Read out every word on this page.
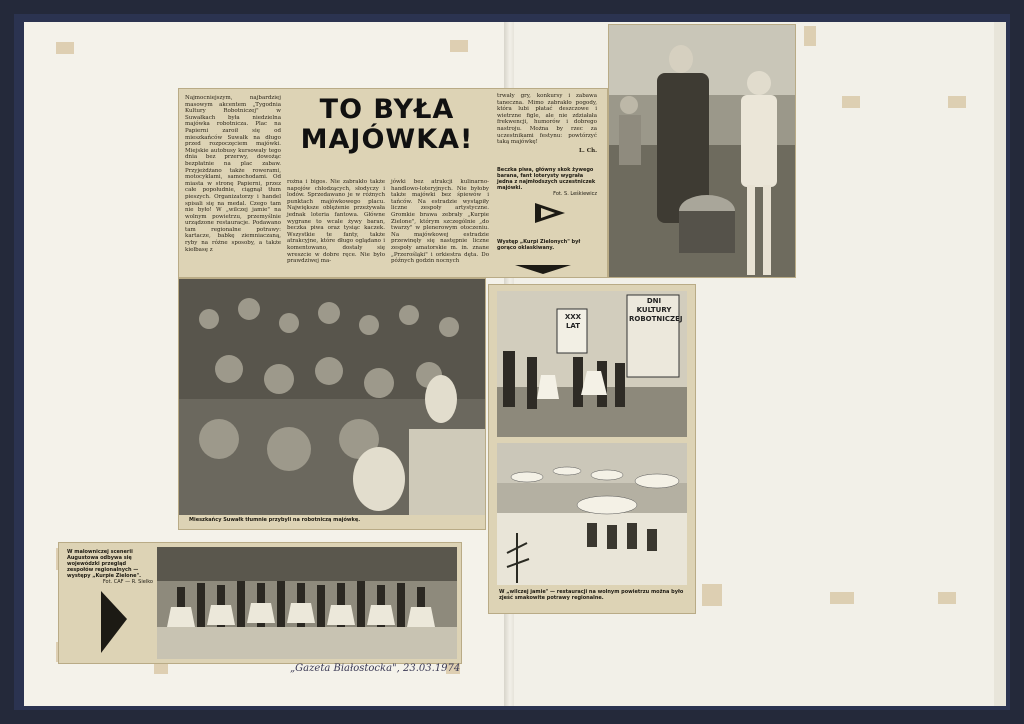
Najmocniejszym, najbardziej masowym akcentem „Tygodnia Kultury Robotniczej" w Suwałkach była niedzielna majówka robotnicza. Plac na Papierni zaroił się od mieszkańców Suwałk na długo przed rozpoczęciem majówki. Miejskie autobusy kursowały tego dnia bez przerwy, dowożąc bezpłatnie na plac zabaw. Przyjeżdżano także rowerami, motocyklami, samochodami. Od miasta w stronę Papierni, przez całe popołudnie, ciągnął tłum pieszych. Organizatorzy i handel spisali się na medal. Czego tam nie było! W „wilczej jamie" na wolnym powietrzu, przemyślnie urządzone restauracje. Podawano tam regionalne potrawy: kartacze, babkę ziemniaczaną, ryby na różne sposoby, a także kiełbasę z

TO BYŁA
MAJÓWKA!

rożna i bigos. Nie zabrakło także napojów chłodzących, słodyczy i lodów. Sprzedawano je w różnych punktach majówkowego placu. Największe oblężenie przeżywała jednak loteria fantowa. Główne wygrane to wcale żywy baran, beczka piwa oraz tysiąc kaczek. Wszystkie te fanty, także atrakcyjne, które długo oglądano i komentowano, dostały się wreszcie w dobre ręce. Nie było prawdziwej ma-

jówki bez atrakcji kulinarno-handlowo-loteryjnych. Nie byłoby także majówki bez śpiewów i tańców. Na estradzie wystąpiły liczne zespoły artystyczne. Gromkie brawa zebrały „Kurpie Zielone", którym szczególnie „do twarzy" w plenerowym otoczeniu. Na majówkowej estradzie przewinęły się następnie liczne zespoły amatorskie m. in. znane „Przerośląki" i orkiestra dęta. Do późnych godzin nocnych

trwały gry, konkursy i zabawa taneczna. Mimo zabrakło pogody, która lubi płatać deszczowe i wietrzne figle, ale nie zdziałała frekwencji, humorów i dobrego nastroju. Można by rzec za uczestnikami festynu: powtórzyć taką majówkę!

L. Ch.

Beczka piwa, główny skok żywego barana, fant loterysty wygrała jedna z najmłodszych uczestniczek majówki.
Fot. S. Leśkiewicz
Występ „Kurpi Zielonych" był gorąco oklaskiwany.
Mieszkańcy Suwałk tłumnie przybyli na robotniczą majówkę.
XXX LAT
DNI KULTURY ROBOTNICZEJ
W „wilczej jamie" — restauracji na wolnym powietrzu można było zjeść smakowite potrawy regionalne.
W malowniczej scenerii Augustowa odbywa się wojewódzki przegląd zespołów regionalnych — występy „Kurpie Zielone".
Fot. CAF — R. Sielko
„Gazeta Białostocka", 23.03.1974
